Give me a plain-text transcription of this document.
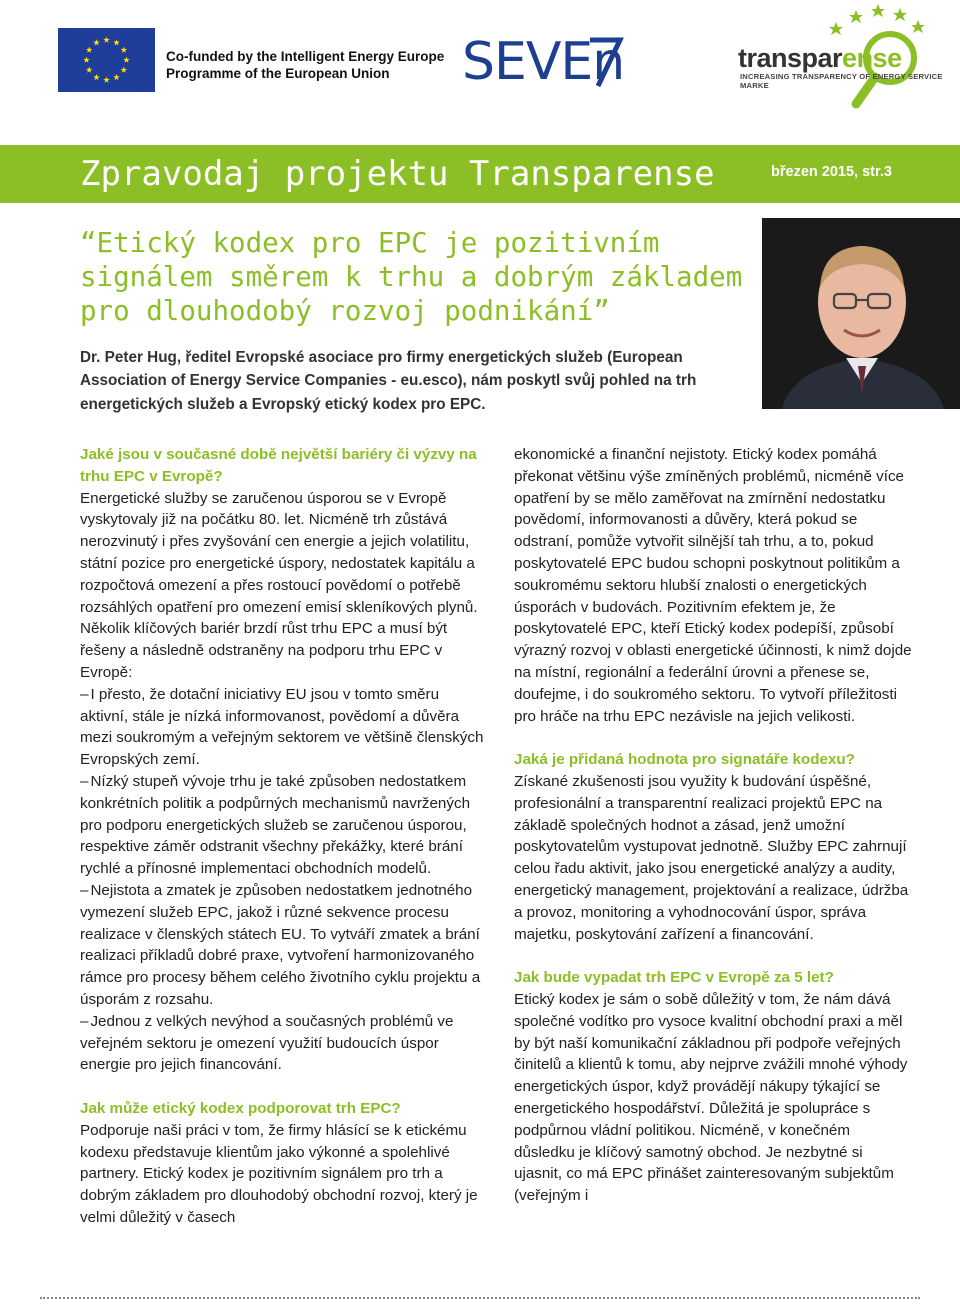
Co-funded by the Intelligent Energy Europe
Programme of the European Union	SEVEn	transparense
INCREASING TRANSPARENCY OF ENERGY SERVICE MARKE
Zpravodaj projektu Transparense	březen 2015, str.3
“Etický kodex pro EPC je pozitivním signálem směrem k trhu a dobrým základem pro dlouhodobý rozvoj podnikání”

Dr. Peter Hug, ředitel Evropské asociace pro firmy energetických služeb (European Association of Energy Service Companies - eu.esco), nám poskytl svůj pohled na trh energetických služeb a Evropský etický kodex pro EPC.

Jaké jsou v současné době největší bariéry či výzvy na trhu EPC v Evropě?

Energetické služby se zaručenou úsporou se v Evropě vyskytovaly již na počátku 80. let. Nicméně trh zůstává nerozvinutý i přes zvyšování cen energie a jejich volatilitu, státní pozice pro energetické úspory, nedostatek kapitálu a rozpočtová omezení a přes rostoucí povědomí o potřebě rozsáhlých opatření pro omezení emisí skleníkových plynů. Několik klíčových bariér brzdí růst trhu EPC a musí být řešeny a následně odstraněny na podporu trhu EPC v Evropě:

– I přesto, že dotační iniciativy EU jsou v tomto směru aktivní, stále je nízká informovanost, povědomí a důvěra mezi soukromým a veřejným sektorem ve většině členských Evropských zemí.

– Nízký stupeň vývoje trhu je také způsoben nedostatkem konkrétních politik a podpůrných mechanismů navržených pro podporu energetických služeb se zaručenou úsporou, respektive záměr odstranit všechny překážky, které brání rychlé a přínosné implementaci obchodních modelů.

– Nejistota a zmatek je způsoben nedostatkem jednotného vymezení služeb EPC, jakož i různé sekvence procesu realizace v členských státech EU. To vytváří zmatek a brání realizaci příkladů dobré praxe, vytvoření harmonizovaného rámce pro procesy během celého životního cyklu projektu a úsporám z rozsahu.

– Jednou z velkých nevýhod a současných problémů ve veřejném sektoru je omezení využití budoucích úspor energie pro jejich financování.

Jak může etický kodex podporovat trh EPC?

Podporuje naši práci v tom, že firmy hlásící se k etickému kodexu představuje klientům jako výkonné a spolehlivé partnery. Etický kodex je pozitivním signálem pro trh a dobrým základem pro dlouhodobý obchodní rozvoj, který je velmi důležitý v časech

ekonomické a finanční nejistoty. Etický kodex pomáhá překonat většinu výše zmíněných problémů, nicméně více opatření by se mělo zaměřovat na zmírnění nedostatku povědomí, informovanosti a důvěry, která pokud se odstraní, pomůže vytvořit silnější tah trhu, a to, pokud poskytovatelé EPC budou schopni poskytnout politikům a soukromému sektoru hlubší znalosti o energetických úsporách v budovách. Pozitivním efektem je, že poskytovatelé EPC, kteří Etický kodex podepíší, způsobí výrazný rozvoj v oblasti energetické účinnosti, k nimž dojde na místní, regionální a federální úrovni a přenese se, doufejme, i do soukromého sektoru. To vytvoří příležitosti pro hráče na trhu EPC nezávisle na jejich velikosti.

Jaká je přidaná hodnota pro signatáře kodexu?

Získané zkušenosti jsou využity k budování úspěšné, profesionální a transparentní realizaci projektů EPC na základě společných hodnot a zásad, jenž umožní poskytovatelům vystupovat jednotně. Služby EPC zahrnují celou řadu aktivit, jako jsou energetické analýzy a audity, energetický management, projektování a realizace, údržba a provoz, monitoring a vyhodnocování úspor, správa majetku, poskytování zařízení a financování.

Jak bude vypadat trh EPC v Evropě za 5 let?

Etický kodex je sám o sobě důležitý v tom, že nám dává společné vodítko pro vysoce kvalitní obchodní praxi a měl by být naší komunikační základnou při podpoře veřejných činitelů a klientů k tomu, aby nejprve zvážili mnohé výhody energetických úspor, když provádějí nákupy týkající se energetického hospodářství. Důležitá je spolupráce s podpůrnou vládní politikou. Nicméně, v konečném důsledku je klíčový samotný obchod. Je nezbytné si ujasnit, co má EPC přinášet zainteresovaným subjektům (veřejným i
